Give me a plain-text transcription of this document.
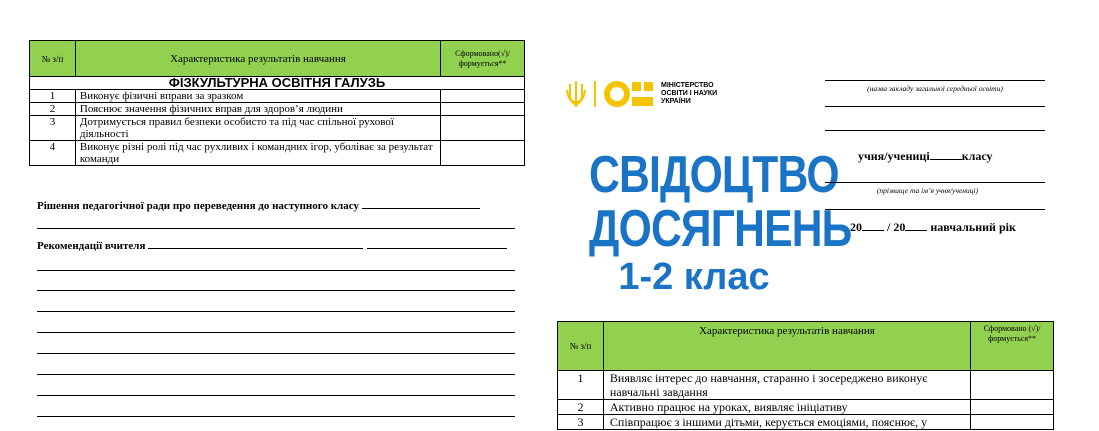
№ з/п	Характеристика результатів навчання	Сформовано(√)/ формується**
ФІЗКУЛЬТУРНА ОСВІТНЯ ГАЛУЗЬ		
1	Виконує фізичні вправи за зразком	
2	Пояснює значення фізичних вправ для здоров’я людини	
3	Дотримується правил безпеки особисто та під час спільної рухової діяльності	
4	Виконує різні ролі під час рухливих і командних ігор, уболіває за результат команди	
Рішення педагогічної ради про переведення до наступного класу
Рекомендації вчителя
МІНІСТЕРСТВО
ОСВІТИ І НАУКИ
УКРАЇНИ
СВІДОЦТВО
ДОСЯГНЕНЬ
1-2 клас
(назва закладу загальної середньої освіти)
учня/учениці	класу
(прізвище та ім’я учня/учениці)
20 / 20 навчальний рік
№ з/п	Характеристика результатів навчання	Сформовано (√)/ формується**
1	Виявляє інтерес до навчання, старанно і зосереджено виконує навчальні завдання	
2	Активно працює на уроках, виявляє ініціативу	
3	Співпрацює з іншими дітьми, керується емоціями, пояснює, у	
